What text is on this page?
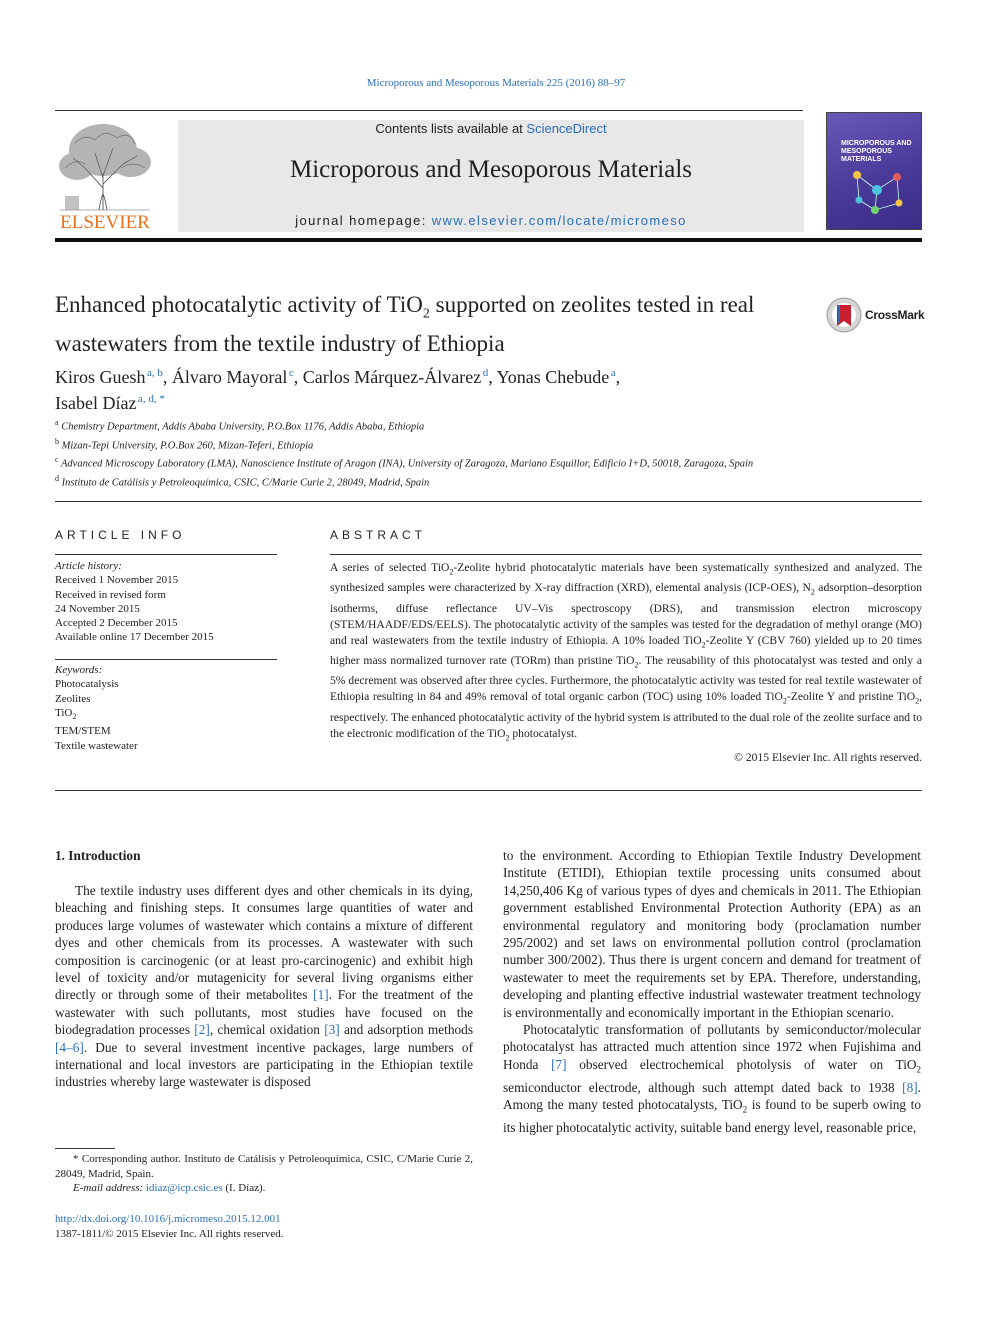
Microporous and Mesoporous Materials 225 (2016) 88–97
ELSEVIER
Contents lists available at ScienceDirect
Microporous and Mesoporous Materials
journal homepage: www.elsevier.com/locate/micromeso
MICROPOROUS AND MESOPOROUS MATERIALS
Enhanced photocatalytic activity of TiO$_2$ supported on zeolites tested in real wastewaters from the textile industry of Ethiopia
CrossMark
Kiros Guesh  $^{a, b}$, Álvaro Mayoral  $^c$, Carlos Márquez-Álvarez  $^d$, Yonas Chebude  $^a$,
Isabel Díaz  $^{a, d, *}$
$^a$ Chemistry Department, Addis Ababa University, P.O.Box 1176, Addis Ababa, Ethiopia
$^b$ Mizan-Tepi University, P.O.Box 260, Mizan-Teferi, Ethiopia
$^c$ Advanced Microscopy Laboratory (LMA), Nanoscience Institute of Aragon (INA), University of Zaragoza, Mariano Esquillor, Edificio I+D, 50018, Zaragoza, Spain
$^d$ Instituto de Catálisis y Petroleoquímica, CSIC, C/Marie Curie 2, 28049, Madrid, Spain
ARTICLE INFO	ABSTRACT
Article history:
Received 1 November 2015
Received in revised form
24 November 2015
Accepted 2 December 2015
Available online 17 December 2015
Keywords:
Photocatalysis
Zeolites
TiO$_2$
TEM/STEM
Textile wastewater
A series of selected TiO$_2$-Zeolite hybrid photocatalytic materials have been systematically synthesized and analyzed. The synthesized samples were characterized by X-ray diffraction (XRD), elemental analysis (ICP-OES), $N_2$ adsorption–desorption isotherms, diffuse reflectance UV–Vis spectroscopy (DRS), and transmission electron microscopy (STEM/HAADF/EDS/EELS). The photocatalytic activity of the samples was tested for the degradation of methyl orange (MO) and real wastewaters from the textile industry of Ethiopia. A 10% loaded TiO$_2$-Zeolite Y (CBV 760) yielded up to 20 times higher mass normalized turnover rate (TORm) than pristine TiO$_2$. The reusability of this photocatalyst was tested and only a 5% decrement was observed after three cycles. Furthermore, the photocatalytic activity was tested for real textile wastewater of Ethiopia resulting in 84 and 49% removal of total organic carbon (TOC) using 10% loaded TiO$_2$-Zeolite Y and pristine TiO$_2$, respectively. The enhanced photocatalytic activity of the hybrid system is attributed to the dual role of the zeolite surface and to the electronic modification of the TiO$_2$ photocatalyst.
© 2015 Elsevier Inc. All rights reserved.
1. Introduction

The textile industry uses different dyes and other chemicals in its dying, bleaching and finishing steps. It consumes large quantities of water and produces large volumes of wastewater which contains a mixture of different dyes and other chemicals from its processes. A wastewater with such composition is carcinogenic (or at least pro-carcinogenic) and exhibit high level of toxicity and/or mutagenicity for several living organisms either directly or through some of their metabolites [1]. For the treatment of the wastewater with such pollutants, most studies have focused on the biodegradation processes [2], chemical oxidation [3] and adsorption methods [4–6]. Due to several investment incentive packages, large numbers of international and local investors are participating in the Ethiopian textile industries whereby large wastewater is disposed

to the environment. According to Ethiopian Textile Industry Development Institute (ETIDI), Ethiopian textile processing units consumed about 14,250,406 Kg of various types of dyes and chemicals in 2011. The Ethiopian government established Environmental Protection Authority (EPA) as an environmental regulatory and monitoring body (proclamation number 295/2002) and set laws on environmental pollution control (proclamation number 300/2002). Thus there is urgent concern and demand for treatment of wastewater to meet the requirements set by EPA. Therefore, understanding, developing and planting effective industrial wastewater treatment technology is environmentally and economically important in the Ethiopian scenario.

Photocatalytic transformation of pollutants by semiconductor/molecular photocatalyst has attracted much attention since 1972 when Fujishima and Honda [7] observed electrochemical photolysis of water on TiO$_2$ semiconductor electrode, although such attempt dated back to 1938 [8]. Among the many tested photocatalysts, TiO$_2$ is found to be superb owing to its higher photocatalytic activity, suitable band energy level, reasonable price,

* Corresponding author. Instituto de Catálisis y Petroleoquímica, CSIC, C/Marie Curie 2, 28049, Madrid, Spain.
E-mail address: idiaz@icp.csic.es (I. Díaz).
http://dx.doi.org/10.1016/j.micromeso.2015.12.001
1387-1811/© 2015 Elsevier Inc. All rights reserved.
